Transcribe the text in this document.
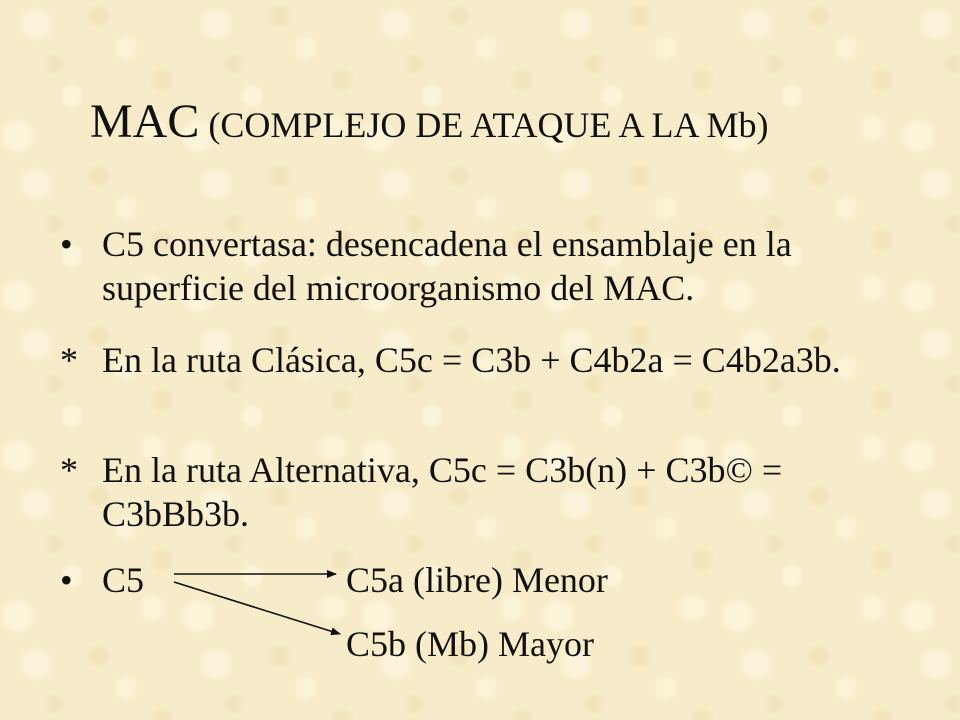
MAC (COMPLEJO DE ATAQUE A LA Mb)
• C5 convertasa: desencadena el ensamblaje en la superficie del microorganismo del MAC.
* En la ruta Clásica, C5c = C3b + C4b2a = C4b2a3b.
* En la ruta Alternativa, C5c = C3b(n) + C3b© = C3bBb3b.
• C5	C5a (libre) Menor
C5b (Mb) Mayor
